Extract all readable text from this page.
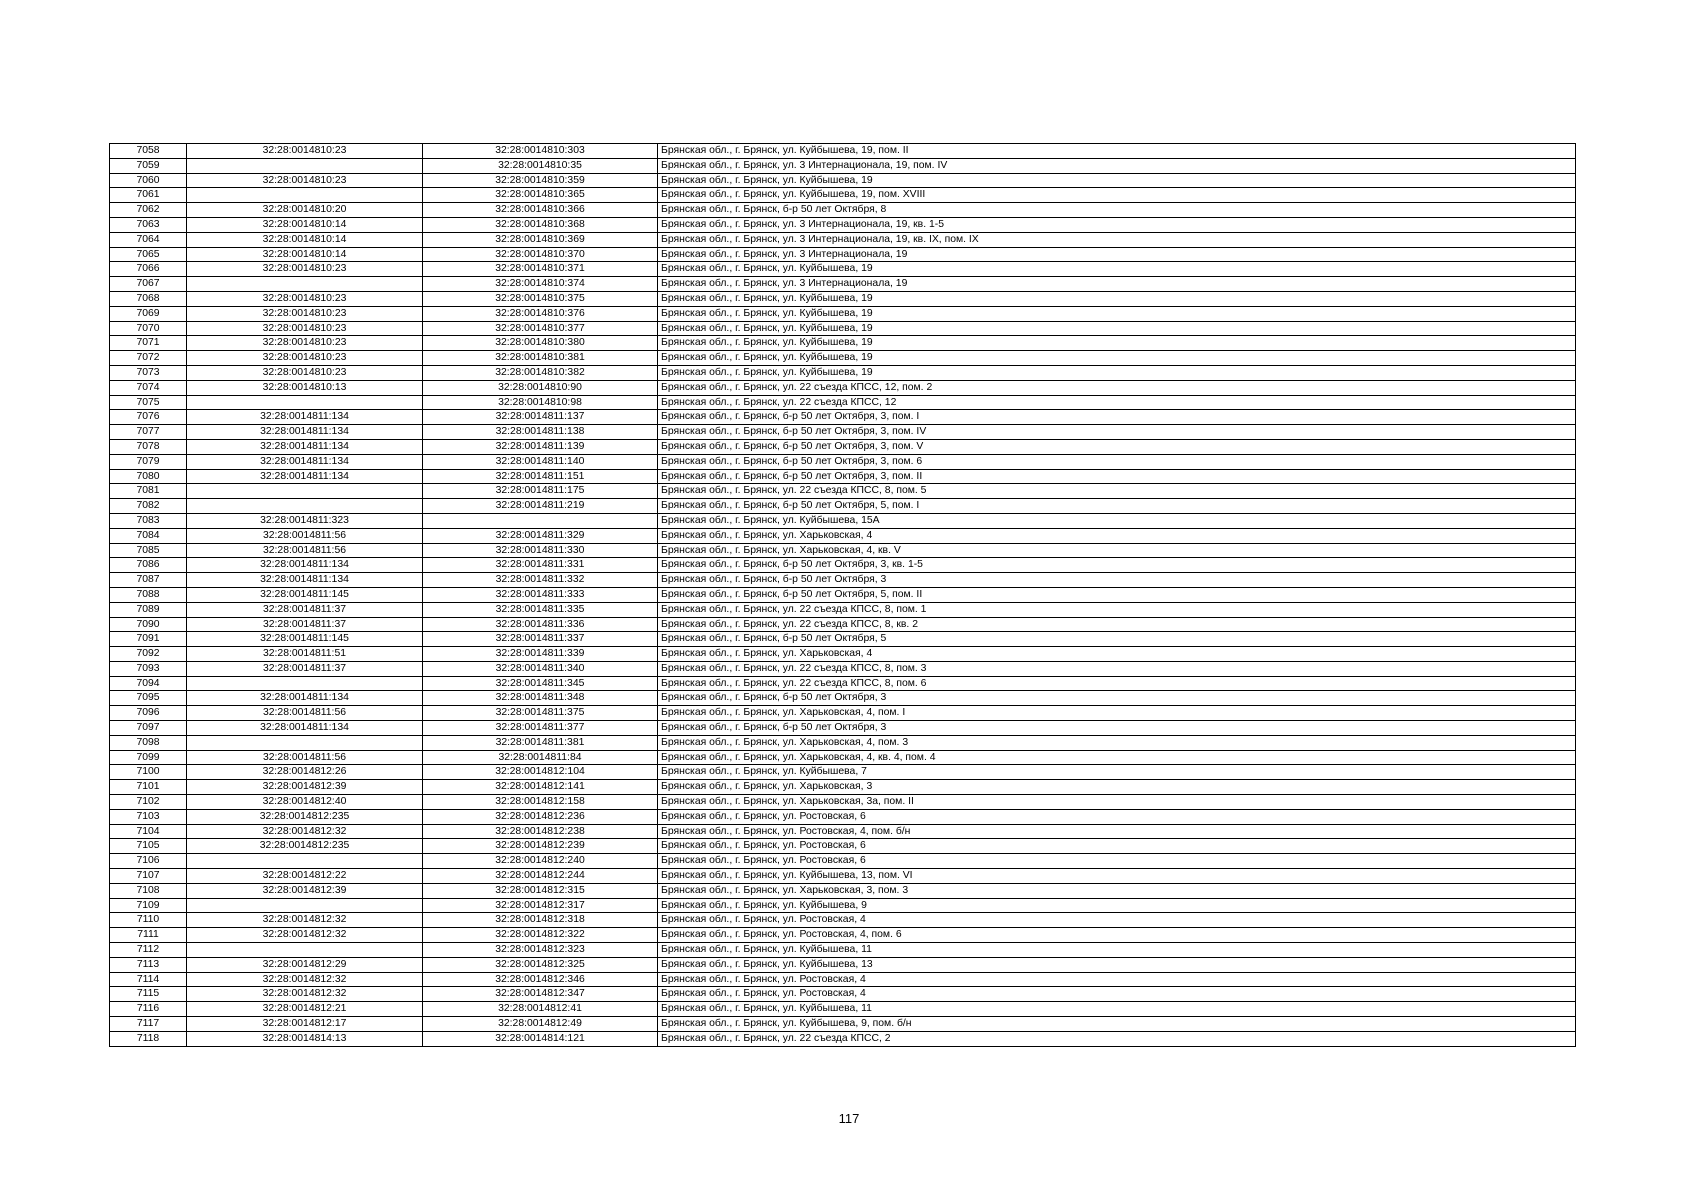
7058	32:28:0014810:23	32:28:0014810:303	Брянская обл., г. Брянск, ул. Куйбышева, 19, пом. II
7059		32:28:0014810:35	Брянская обл., г. Брянск, ул. 3 Интернационала, 19, пом. IV
7060	32:28:0014810:23	32:28:0014810:359	Брянская обл., г. Брянск, ул. Куйбышева, 19
7061		32:28:0014810:365	Брянская обл., г. Брянск, ул. Куйбышева, 19, пом. XVIII
7062	32:28:0014810:20	32:28:0014810:366	Брянская обл., г. Брянск, б-р 50 лет Октября, 8
7063	32:28:0014810:14	32:28:0014810:368	Брянская обл., г. Брянск, ул. 3 Интернационала, 19, кв. 1-5
7064	32:28:0014810:14	32:28:0014810:369	Брянская обл., г. Брянск, ул. 3 Интернационала, 19, кв. IX, пом. IX
7065	32:28:0014810:14	32:28:0014810:370	Брянская обл., г. Брянск, ул. 3 Интернационала, 19
7066	32:28:0014810:23	32:28:0014810:371	Брянская обл., г. Брянск, ул. Куйбышева, 19
7067		32:28:0014810:374	Брянская обл., г. Брянск, ул. 3 Интернационала, 19
7068	32:28:0014810:23	32:28:0014810:375	Брянская обл., г. Брянск, ул. Куйбышева, 19
7069	32:28:0014810:23	32:28:0014810:376	Брянская обл., г. Брянск, ул. Куйбышева, 19
7070	32:28:0014810:23	32:28:0014810:377	Брянская обл., г. Брянск, ул. Куйбышева, 19
7071	32:28:0014810:23	32:28:0014810:380	Брянская обл., г. Брянск, ул. Куйбышева, 19
7072	32:28:0014810:23	32:28:0014810:381	Брянская обл., г. Брянск, ул. Куйбышева, 19
7073	32:28:0014810:23	32:28:0014810:382	Брянская обл., г. Брянск, ул. Куйбышева, 19
7074	32:28:0014810:13	32:28:0014810:90	Брянская обл., г. Брянск, ул. 22 съезда КПСС, 12, пом. 2
7075		32:28:0014810:98	Брянская обл., г. Брянск, ул. 22 съезда КПСС, 12
7076	32:28:0014811:134	32:28:0014811:137	Брянская обл., г. Брянск, б-р 50 лет Октября, 3, пом. I
7077	32:28:0014811:134	32:28:0014811:138	Брянская обл., г. Брянск, б-р 50 лет Октября, 3, пом. IV
7078	32:28:0014811:134	32:28:0014811:139	Брянская обл., г. Брянск, б-р 50 лет Октября, 3, пом. V
7079	32:28:0014811:134	32:28:0014811:140	Брянская обл., г. Брянск, б-р 50 лет Октября, 3, пом. 6
7080	32:28:0014811:134	32:28:0014811:151	Брянская обл., г. Брянск, б-р 50 лет Октября, 3, пом. II
7081		32:28:0014811:175	Брянская обл., г. Брянск, ул. 22 съезда КПСС, 8, пом. 5
7082		32:28:0014811:219	Брянская обл., г. Брянск, б-р 50 лет Октября, 5, пом. I
7083	32:28:0014811:323		Брянская обл., г. Брянск, ул. Куйбышева, 15А
7084	32:28:0014811:56	32:28:0014811:329	Брянская обл., г. Брянск, ул. Харьковская, 4
7085	32:28:0014811:56	32:28:0014811:330	Брянская обл., г. Брянск, ул. Харьковская, 4, кв. V
7086	32:28:0014811:134	32:28:0014811:331	Брянская обл., г. Брянск, б-р 50 лет Октября, 3, кв. 1-5
7087	32:28:0014811:134	32:28:0014811:332	Брянская обл., г. Брянск, б-р 50 лет Октября, 3
7088	32:28:0014811:145	32:28:0014811:333	Брянская обл., г. Брянск, б-р 50 лет Октября, 5, пом. II
7089	32:28:0014811:37	32:28:0014811:335	Брянская обл., г. Брянск, ул. 22 съезда КПСС, 8, пом. 1
7090	32:28:0014811:37	32:28:0014811:336	Брянская обл., г. Брянск, ул. 22 съезда КПСС, 8, кв. 2
7091	32:28:0014811:145	32:28:0014811:337	Брянская обл., г. Брянск, б-р 50 лет Октября, 5
7092	32:28:0014811:51	32:28:0014811:339	Брянская обл., г. Брянск, ул. Харьковская, 4
7093	32:28:0014811:37	32:28:0014811:340	Брянская обл., г. Брянск, ул. 22 съезда КПСС, 8, пом. 3
7094		32:28:0014811:345	Брянская обл., г. Брянск, ул. 22 съезда КПСС, 8, пом. 6
7095	32:28:0014811:134	32:28:0014811:348	Брянская обл., г. Брянск, б-р 50 лет Октября, 3
7096	32:28:0014811:56	32:28:0014811:375	Брянская обл., г. Брянск, ул. Харьковская, 4, пом. I
7097	32:28:0014811:134	32:28:0014811:377	Брянская обл., г. Брянск, б-р 50 лет Октября, 3
7098		32:28:0014811:381	Брянская обл., г. Брянск, ул. Харьковская, 4, пом. 3
7099	32:28:0014811:56	32:28:0014811:84	Брянская обл., г. Брянск, ул. Харьковская, 4, кв. 4, пом. 4
7100	32:28:0014812:26	32:28:0014812:104	Брянская обл., г. Брянск, ул. Куйбышева, 7
7101	32:28:0014812:39	32:28:0014812:141	Брянская обл., г. Брянск, ул. Харьковская, 3
7102	32:28:0014812:40	32:28:0014812:158	Брянская обл., г. Брянск, ул. Харьковская, 3а, пом. II
7103	32:28:0014812:235	32:28:0014812:236	Брянская обл., г. Брянск, ул. Ростовская, 6
7104	32:28:0014812:32	32:28:0014812:238	Брянская обл., г. Брянск, ул. Ростовская, 4, пом. б/н
7105	32:28:0014812:235	32:28:0014812:239	Брянская обл., г. Брянск, ул. Ростовская, 6
7106		32:28:0014812:240	Брянская обл., г. Брянск, ул. Ростовская, 6
7107	32:28:0014812:22	32:28:0014812:244	Брянская обл., г. Брянск, ул. Куйбышева, 13, пом. VI
7108	32:28:0014812:39	32:28:0014812:315	Брянская обл., г. Брянск, ул. Харьковская, 3, пом. 3
7109		32:28:0014812:317	Брянская обл., г. Брянск, ул. Куйбышева, 9
7110	32:28:0014812:32	32:28:0014812:318	Брянская обл., г. Брянск, ул. Ростовская, 4
7111	32:28:0014812:32	32:28:0014812:322	Брянская обл., г. Брянск, ул. Ростовская, 4, пом. 6
7112		32:28:0014812:323	Брянская обл., г. Брянск, ул. Куйбышева, 11
7113	32:28:0014812:29	32:28:0014812:325	Брянская обл., г. Брянск, ул. Куйбышева, 13
7114	32:28:0014812:32	32:28:0014812:346	Брянская обл., г. Брянск, ул. Ростовская, 4
7115	32:28:0014812:32	32:28:0014812:347	Брянская обл., г. Брянск, ул. Ростовская, 4
7116	32:28:0014812:21	32:28:0014812:41	Брянская обл., г. Брянск, ул. Куйбышева, 11
7117	32:28:0014812:17	32:28:0014812:49	Брянская обл., г. Брянск, ул. Куйбышева, 9, пом. б/н
7118	32:28:0014814:13	32:28:0014814:121	Брянская обл., г. Брянск, ул. 22 съезда КПСС, 2
117
